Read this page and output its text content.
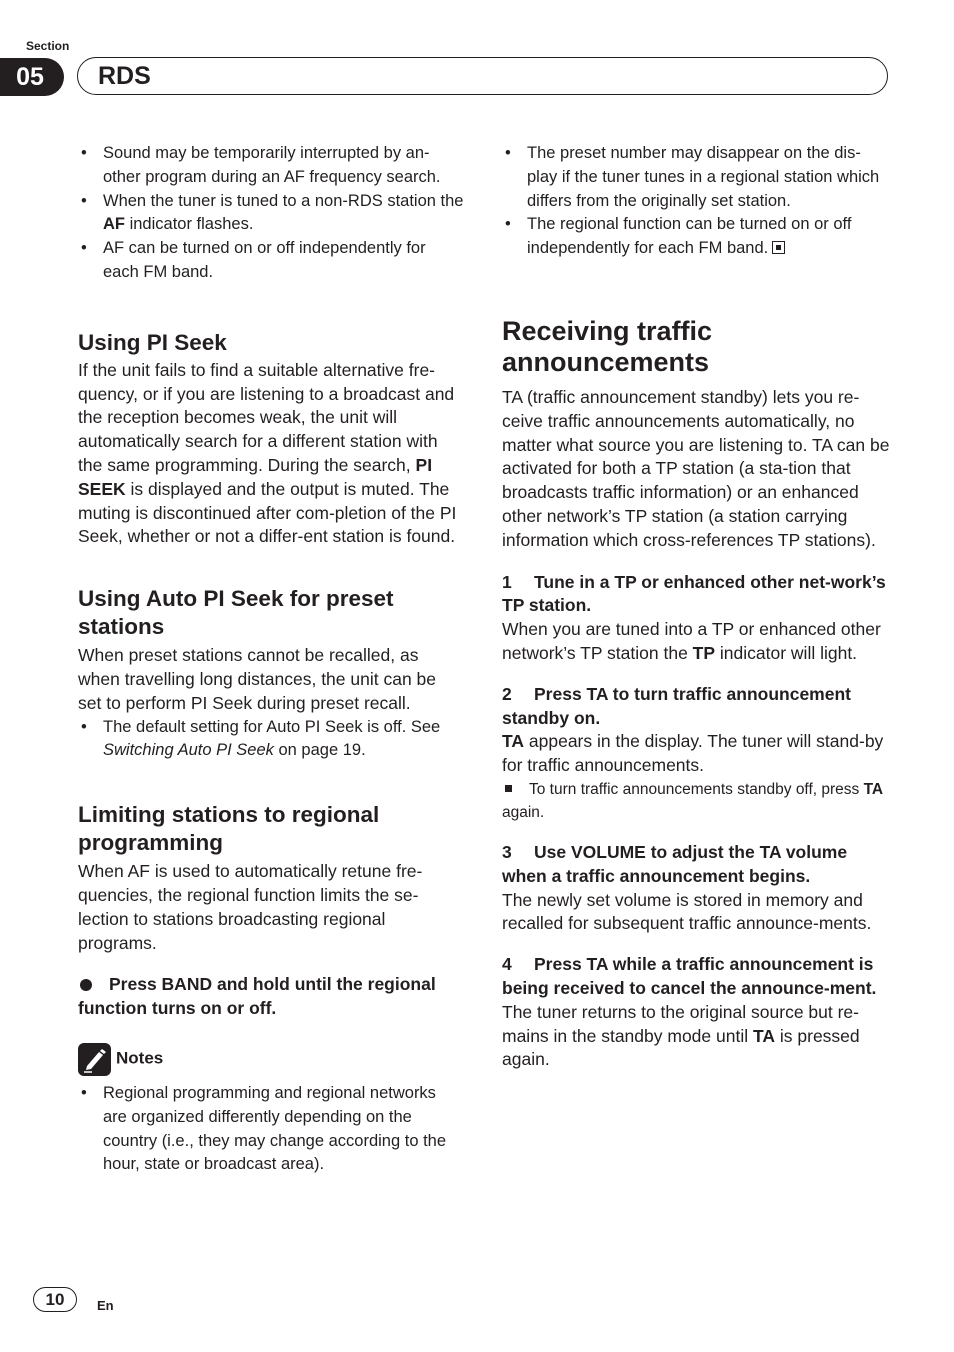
Section
05	RDS
• Sound may be temporarily interrupted by an-other program during an AF frequency search.
• When the tuner is tuned to a non-RDS station the AF indicator flashes.
• AF can be turned on or off independently for each FM band.
Using PI Seek

If the unit fails to find a suitable alternative fre-quency, or if you are listening to a broadcast and the reception becomes weak, the unit will automatically search for a different station with the same programming. During the search, PI SEEK is displayed and the output is muted. The muting is discontinued after com-pletion of the PI Seek, whether or not a differ-ent station is found.

Using Auto PI Seek for preset stations

When preset stations cannot be recalled, as when travelling long distances, the unit can be set to perform PI Seek during preset recall.

• The default setting for Auto PI Seek is off. See Switching Auto PI Seek on page 19.
Limiting stations to regional programming

When AF is used to automatically retune fre-quencies, the regional function limits the se-lection to stations broadcasting regional programs.

Press BAND and hold until the regional function turns on or off.

Notes
• Regional programming and regional networks are organized differently depending on the country (i.e., they may change according to the hour, state or broadcast area).
• The preset number may disappear on the dis-play if the tuner tunes in a regional station which differs from the originally set station.
• The regional function can be turned on or off independently for each FM band.
Receiving traffic announcements

TA (traffic announcement standby) lets you re-ceive traffic announcements automatically, no matter what source you are listening to. TA can be activated for both a TP station (a sta-tion that broadcasts traffic information) or an enhanced other network’s TP station (a station carrying information which cross-references TP stations).

1 Tune in a TP or enhanced other net-work’s TP station.

When you are tuned into a TP or enhanced other network’s TP station the TP indicator will light.

2 Press TA to turn traffic announcement standby on.

TA appears in the display. The tuner will stand-by for traffic announcements.

To turn traffic announcements standby off, press TA again.

3 Use VOLUME to adjust the TA volume when a traffic announcement begins.

The newly set volume is stored in memory and recalled for subsequent traffic announce-ments.

4 Press TA while a traffic announcement is being received to cancel the announce-ment.

The tuner returns to the original source but re-mains in the standby mode until TA is pressed again.

10	En
